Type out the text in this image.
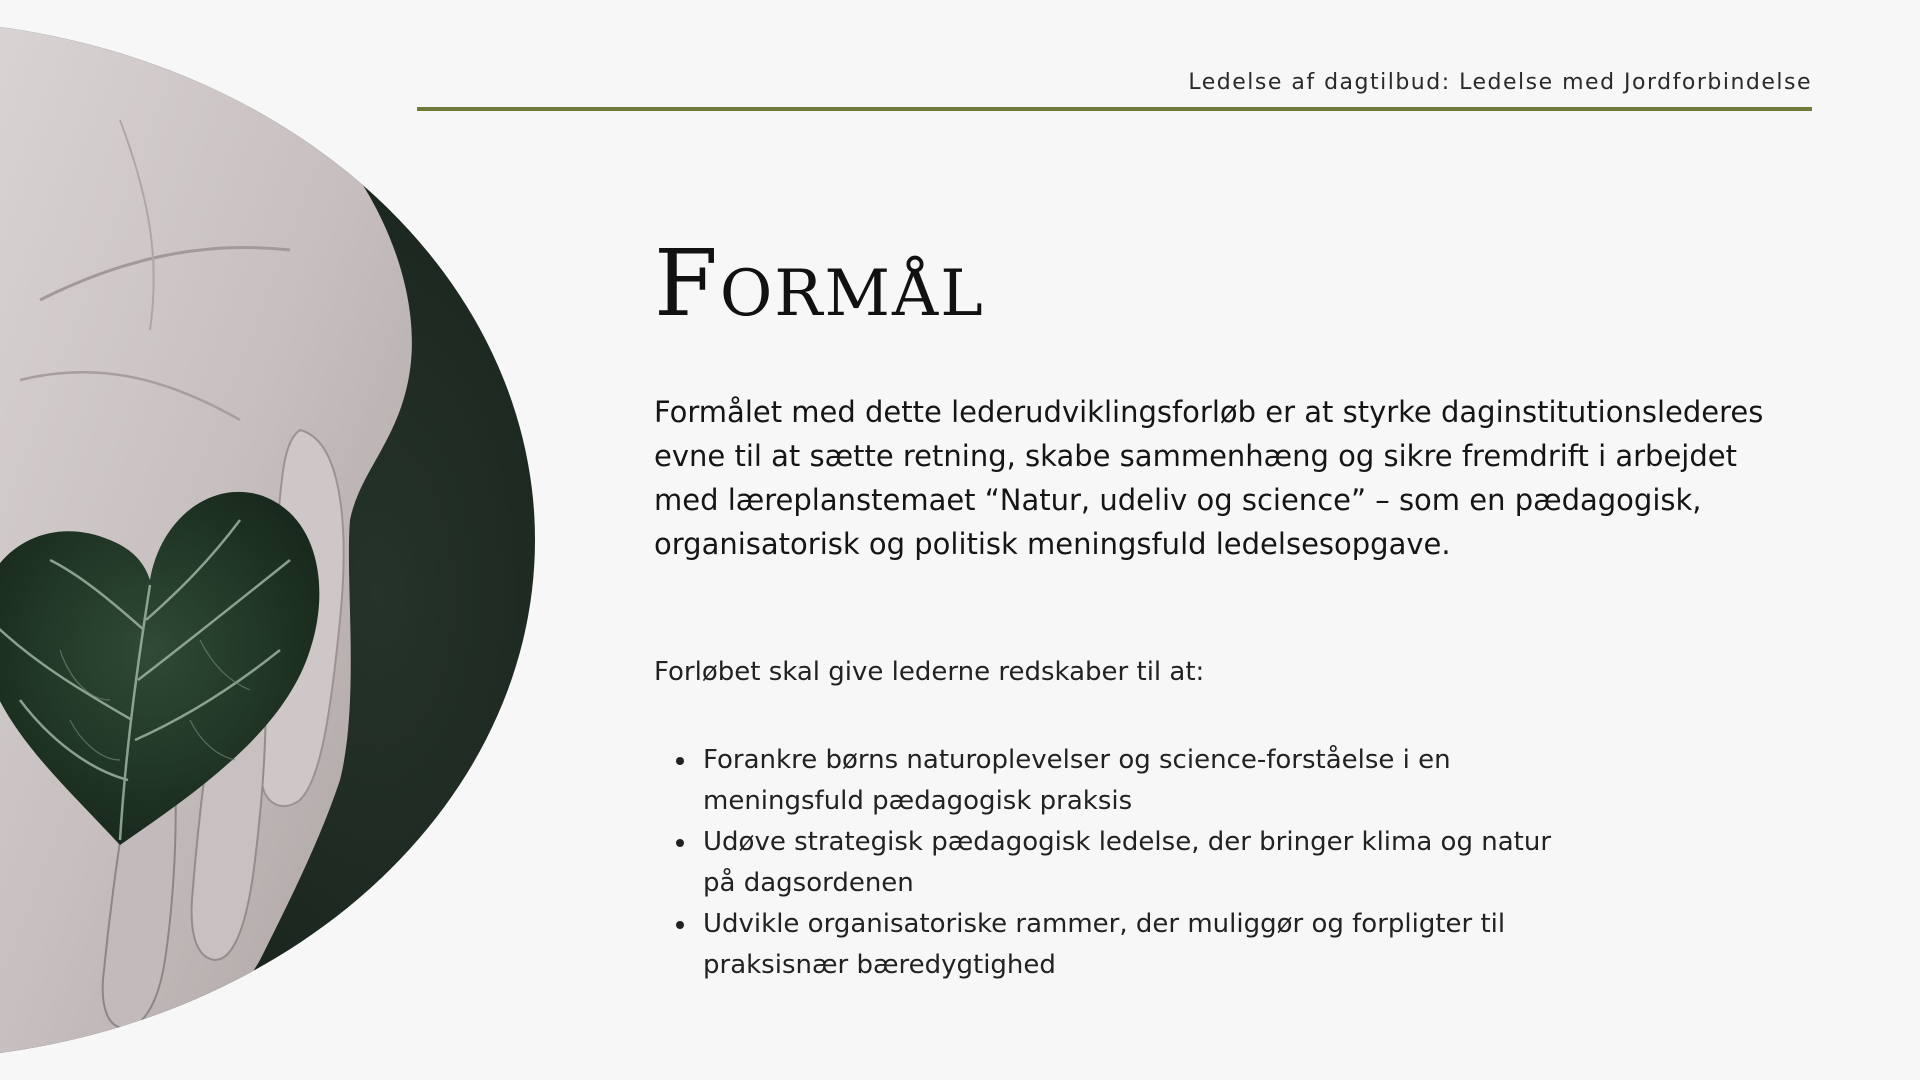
Ledelse af dagtilbud: Ledelse med Jordforbindelse
Formål

Formålet med dette lederudviklingsforløb er at styrke daginstitutionslederes evne til at sætte retning, skabe sammenhæng og sikre fremdrift i arbejdet med læreplanstemaet “Natur, udeliv og science” – som en pædagogisk, organisatorisk og politisk meningsfuld ledelsesopgave.

Forløbet skal give lederne redskaber til at:

Forankre børns naturoplevelser og science-forståelse i en meningsfuld pædagogisk praksis
Udøve strategisk pædagogisk ledelse, der bringer klima og natur på dagsordenen
Udvikle organisatoriske rammer, der muliggør og forpligter til praksisnær bæredygtighed
